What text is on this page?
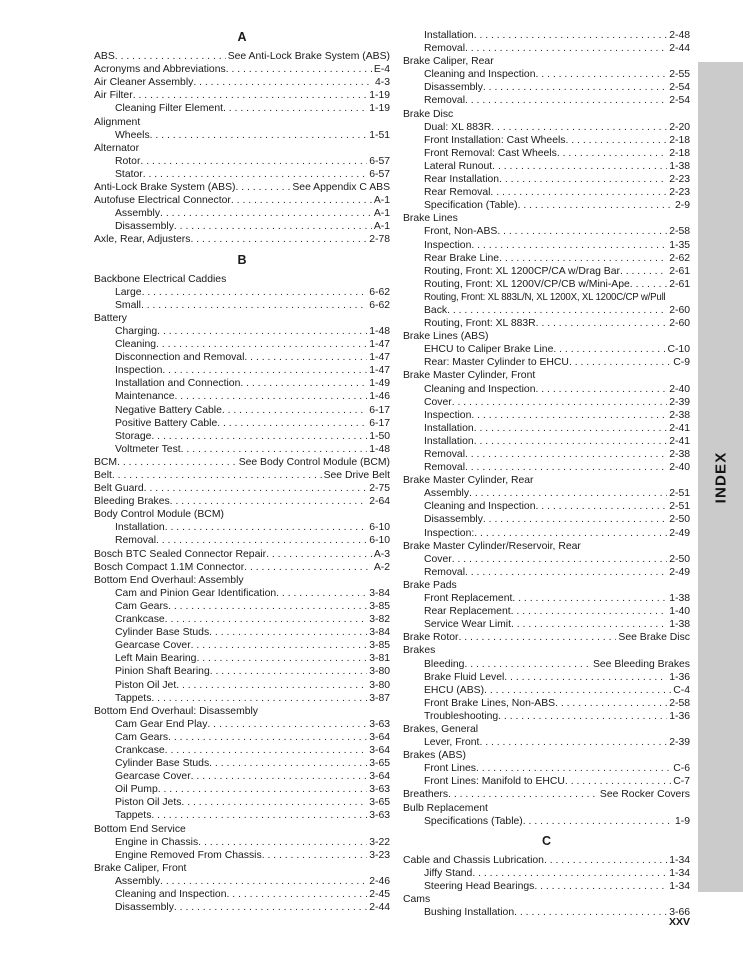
A
ABS . . .	See Anti-Lock Brake System (ABS)
Acronyms and Abbreviations . . .	E-4
Air Cleaner Assembly . . .	4-3
Air Filter . . .	1-19
Cleaning Filter Element . . .	1-19
Alignment
Wheels . . .	1-51
Alternator
Rotor . . .	6-57
Stator . . .	6-57
Anti-Lock Brake System (ABS) . . .	See Appendix C ABS
Autofuse Electrical Connector . . .	A-1
Assembly . . .	A-1
Disassembly . . .	A-1
Axle, Rear, Adjusters . . .	2-78
B
Backbone Electrical Caddies
Large . . .	6-62
Small . . .	6-62
Battery
Charging . . .	1-48
Cleaning . . .	1-47
Disconnection and Removal . . .	1-47
Inspection . . .	1-47
Installation and Connection . . .	1-49
Maintenance . . .	1-46
Negative Battery Cable . . .	6-17
Positive Battery Cable . . .	6-17
Storage . . .	1-50
Voltmeter Test . . .	1-48
BCM . . .	See Body Control Module (BCM)
Belt . . .	See Drive Belt
Belt Guard . . .	2-75
Bleeding Brakes . . .	2-64
Body Control Module (BCM)
Installation . . .	6-10
Removal . . .	6-10
Bosch BTC Sealed Connector Repair . . .	A-3
Bosch Compact 1.1M Connector . . .	A-2
Bottom End Overhaul: Assembly
Cam and Pinion Gear Identification . . .	3-84
Cam Gears . . .	3-85
Crankcase . . .	3-82
Cylinder Base Studs . . .	3-84
Gearcase Cover . . .	3-85
Left Main Bearing . . .	3-81
Pinion Shaft Bearing . . .	3-80
Piston Oil Jet . . .	3-80
Tappets . . .	3-87
Bottom End Overhaul: Disassembly
Cam Gear End Play . . .	3-63
Cam Gears . . .	3-64
Crankcase . . .	3-64
Cylinder Base Studs . . .	3-65
Gearcase Cover . . .	3-64
Oil Pump . . .	3-63
Piston Oil Jets . . .	3-65
Tappets . . .	3-63
Bottom End Service
Engine in Chassis . . .	3-22
Engine Removed From Chassis . . .	3-23
Brake Caliper, Front
Assembly . . .	2-46
Cleaning and Inspection . . .	2-45
Disassembly . . .	2-44
Installation . . .	2-48
Removal . . .	2-44
Brake Caliper, Rear
Cleaning and Inspection . . .	2-55
Disassembly . . .	2-54
Removal . . .	2-54
Brake Disc
Dual: XL 883R . . .	2-20
Front Installation: Cast Wheels . . .	2-18
Front Removal: Cast Wheels . . .	2-18
Lateral Runout . . .	1-38
Rear Installation . . .	2-23
Rear Removal . . .	2-23
Specification (Table) . . .	2-9
Brake Lines
Front, Non-ABS . . .	2-58
Inspection . . .	1-35
Rear Brake Line . . .	2-62
Routing, Front: XL 1200CP/CA w/Drag Bar . . .	2-61
Routing, Front: XL 1200V/CP/CB w/Mini-Ape . . .	2-61
Routing, Front: XL 883L/N, XL 1200X, XL 1200C/CP w/Pull
Back . . .	2-60
Routing, Front: XL 883R . . .	2-60
Brake Lines (ABS)
EHCU to Caliper Brake Line . . .	C-10
Rear: Master Cylinder to EHCU . . .	C-9
Brake Master Cylinder, Front
Cleaning and Inspection . . .	2-40
Cover . . .	2-39
Inspection . . .	2-38
Installation . . .	2-41
Installation . . .	2-41
Removal . . .	2-38
Removal . . .	2-40
Brake Master Cylinder, Rear
Assembly . . .	2-51
Cleaning and Inspection . . .	2-51
Disassembly . . .	2-50
Inspection: . . .	2-49
Brake Master Cylinder/Reservoir, Rear
Cover . . .	2-50
Removal . . .	2-49
Brake Pads
Front Replacement . . .	1-38
Rear Replacement . . .	1-40
Service Wear Limit . . .	1-38
Brake Rotor . . .	See Brake Disc
Brakes
Bleeding . . .	See Bleeding Brakes
Brake Fluid Level . . .	1-36
EHCU (ABS) . . .	C-4
Front Brake Lines, Non-ABS . . .	2-58
Troubleshooting . . .	1-36
Brakes, General
Lever, Front . . .	2-39
Brakes (ABS)
Front Lines . . .	C-6
Front Lines: Manifold to EHCU . . .	C-7
Breathers . . .	See Rocker Covers
Bulb Replacement
Specifications (Table) . . .	1-9
C
Cable and Chassis Lubrication . . .	1-34
Jiffy Stand . . .	1-34
Steering Head Bearings . . .	1-34
Cams
Bushing Installation . . .	3-66
INDEX
XXV
